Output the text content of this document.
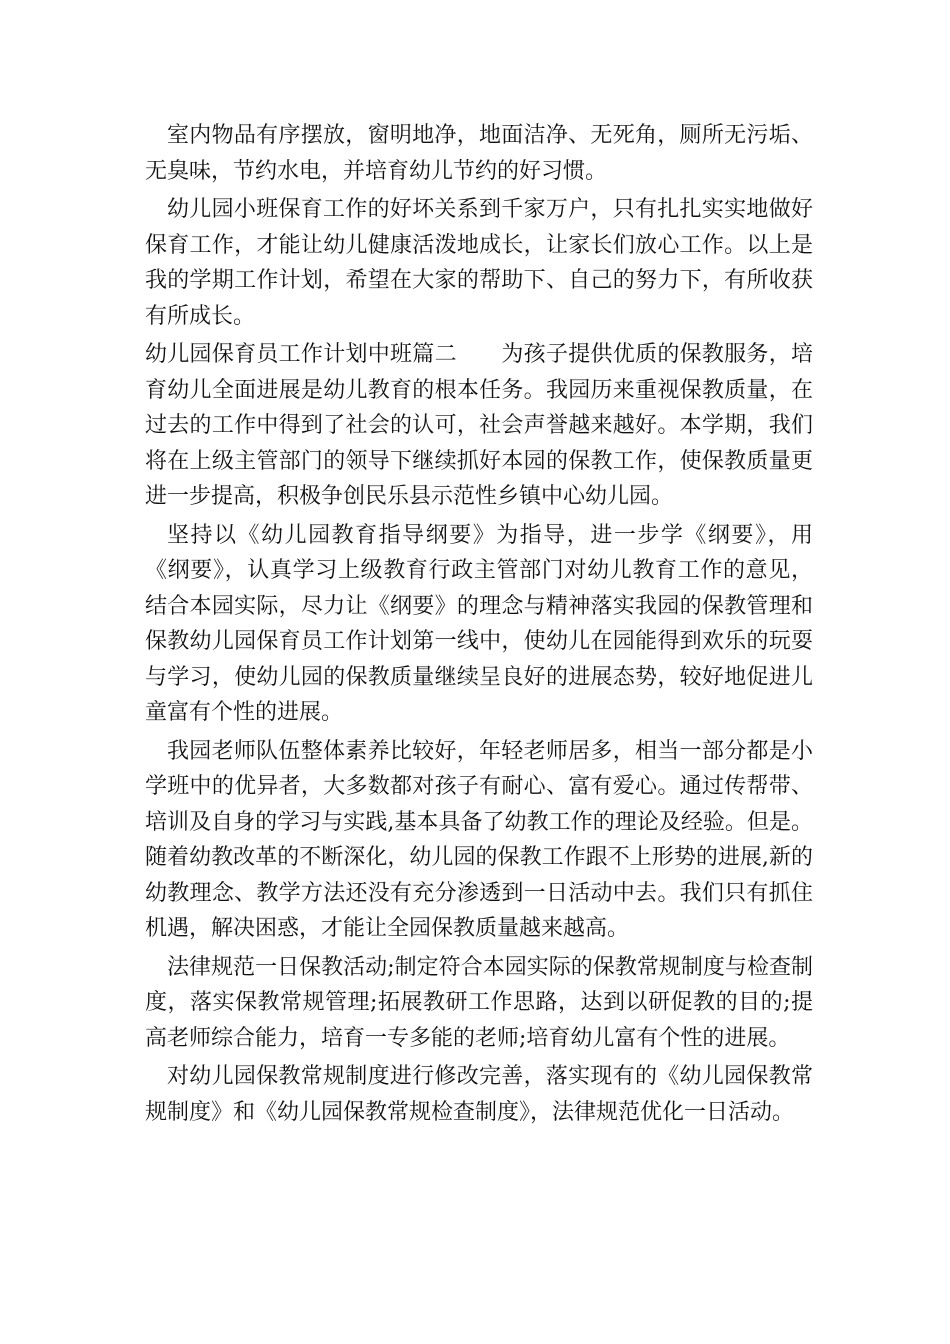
室内物品有序摆放，窗明地净，地面洁净、无死角，厕所无污垢、无臭味，节约水电，并培育幼儿节约的好习惯。

幼儿园小班保育工作的好坏关系到千家万户，只有扎扎实实地做好保育工作，才能让幼儿健康活泼地成长，让家长们放心工作。以上是我的学期工作计划，希望在大家的帮助下、自己的努力下，有所收获有所成长。

幼儿园保育员工作计划中班篇二　　为孩子提供优质的保教服务，培育幼儿全面进展是幼儿教育的根本任务。我园历来重视保教质量，在过去的工作中得到了社会的认可，社会声誉越来越好。本学期，我们将在上级主管部门的领导下继续抓好本园的保教工作，使保教质量更进一步提高，积极争创民乐县示范性乡镇中心幼儿园。

坚持以《幼儿园教育指导纲要》为指导，进一步学《纲要》，用《纲要》，认真学习上级教育行政主管部门对幼儿教育工作的意见，结合本园实际，尽力让《纲要》的理念与精神落实我园的保教管理和保教幼儿园保育员工作计划第一线中，使幼儿在园能得到欢乐的玩耍与学习，使幼儿园的保教质量继续呈良好的进展态势，较好地促进儿童富有个性的进展。

我园老师队伍整体素养比较好，年轻老师居多，相当一部分都是小学班中的优异者，大多数都对孩子有耐心、富有爱心。通过传帮带、培训及自身的学习与实践,基本具备了幼教工作的理论及经验。但是。随着幼教改革的不断深化，幼儿园的保教工作跟不上形势的进展,新的幼教理念、教学方法还没有充分渗透到一日活动中去。我们只有抓住机遇，解决困惑，才能让全园保教质量越来越高。

法律规范一日保教活动;制定符合本园实际的保教常规制度与检查制度，落实保教常规管理;拓展教研工作思路，达到以研促教的目的;提高老师综合能力，培育一专多能的老师;培育幼儿富有个性的进展。

对幼儿园保教常规制度进行修改完善，落实现有的《幼儿园保教常规制度》和《幼儿园保教常规检查制度》，法律规范优化一日活动。
